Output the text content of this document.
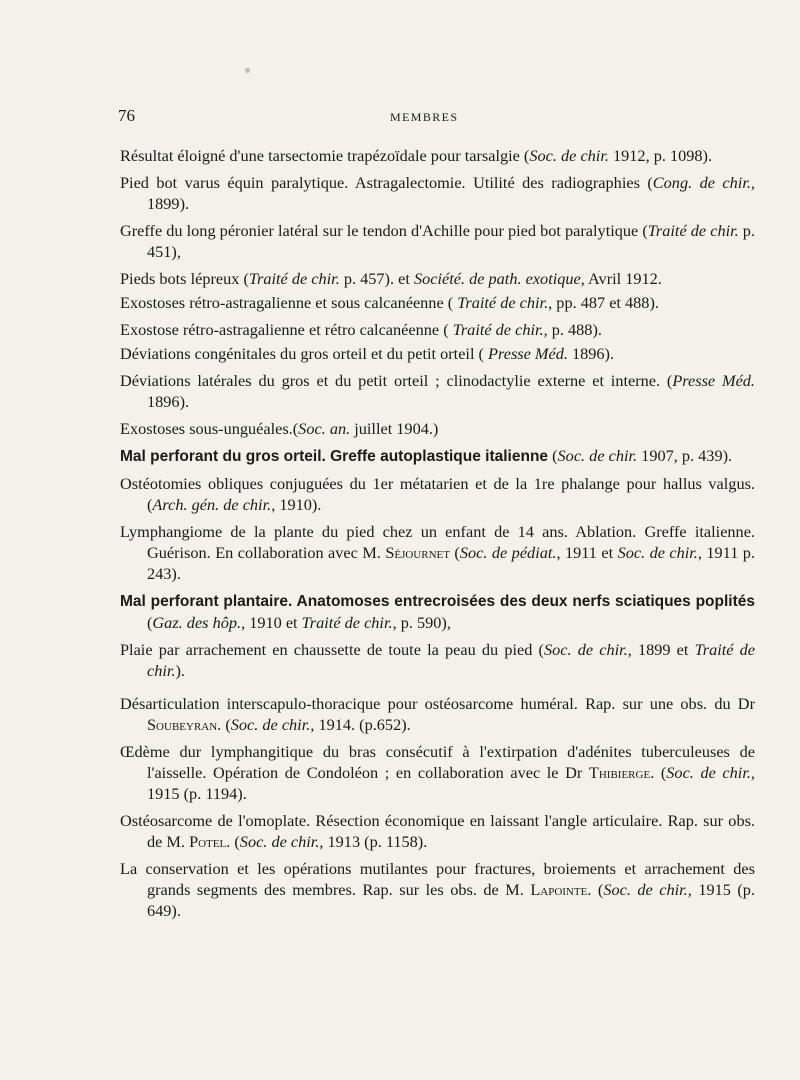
76	MEMBRES
Résultat éloigné d'une tarsectomie trapézoïdale pour tarsalgie (Soc. de chir. 1912, p. 1098).
Pied bot varus équin paralytique. Astragalectomie. Utilité des radiographies (Cong. de chir., 1899).
Greffe du long péronier latéral sur le tendon d'Achille pour pied bot paralytique (Traité de chir. p. 451),
Pieds bots lépreux (Traité de chir. p. 457). et Société. de path. exotique, Avril 1912.
Exostoses rétro-astragalienne et sous calcanéenne ( Traité de chir., pp. 487 et 488).
Exostose rétro-astragalienne et rétro calcanéenne ( Traité de chir., p. 488).
Déviations congénitales du gros orteil et du petit orteil ( Presse Méd. 1896).
Déviations latérales du gros et du petit orteil ; clinodactylie externe et interne. (Presse Méd. 1896).
Exostoses sous-unguéales.(Soc. an. juillet 1904.)
Mal perforant du gros orteil. Greffe autoplastique italienne (Soc. de chir. 1907, p. 439).
Ostéotomies obliques conjuguées du 1er métatarien et de la 1re phalange pour hallus valgus. (Arch. gén. de chir., 1910).
Lymphangiome de la plante du pied chez un enfant de 14 ans. Ablation. Greffe italienne. Guérison. En collaboration avec M. Séjournet (Soc. de pédiat., 1911 et Soc. de chir., 1911 p. 243).
Mal perforant plantaire. Anatomoses entrecroisées des deux nerfs sciatiques poplités (Gaz. des hôp., 1910 et Traité de chir., p. 590),
Plaie par arrachement en chaussette de toute la peau du pied (Soc. de chir., 1899 et Traité de chir.).
Désarticulation interscapulo-thoracique pour ostéosarcome huméral. Rap. sur une obs. du Dr Soubeyran. (Soc. de chir., 1914. (p.652).
Œdème dur lymphangitique du bras consécutif à l'extirpation d'adénites tuberculeuses de l'aisselle. Opération de Condoléon ; en collaboration avec le Dr Thibierge. (Soc. de chir., 1915 (p. 1194).
Ostéosarcome de l'omoplate. Résection économique en laissant l'angle articulaire. Rap. sur obs. de M. Potel. (Soc. de chir., 1913 (p. 1158).
La conservation et les opérations mutilantes pour fractures, broiements et arrachement des grands segments des membres. Rap. sur les obs. de M. Lapointe. (Soc. de chir., 1915 (p. 649).
